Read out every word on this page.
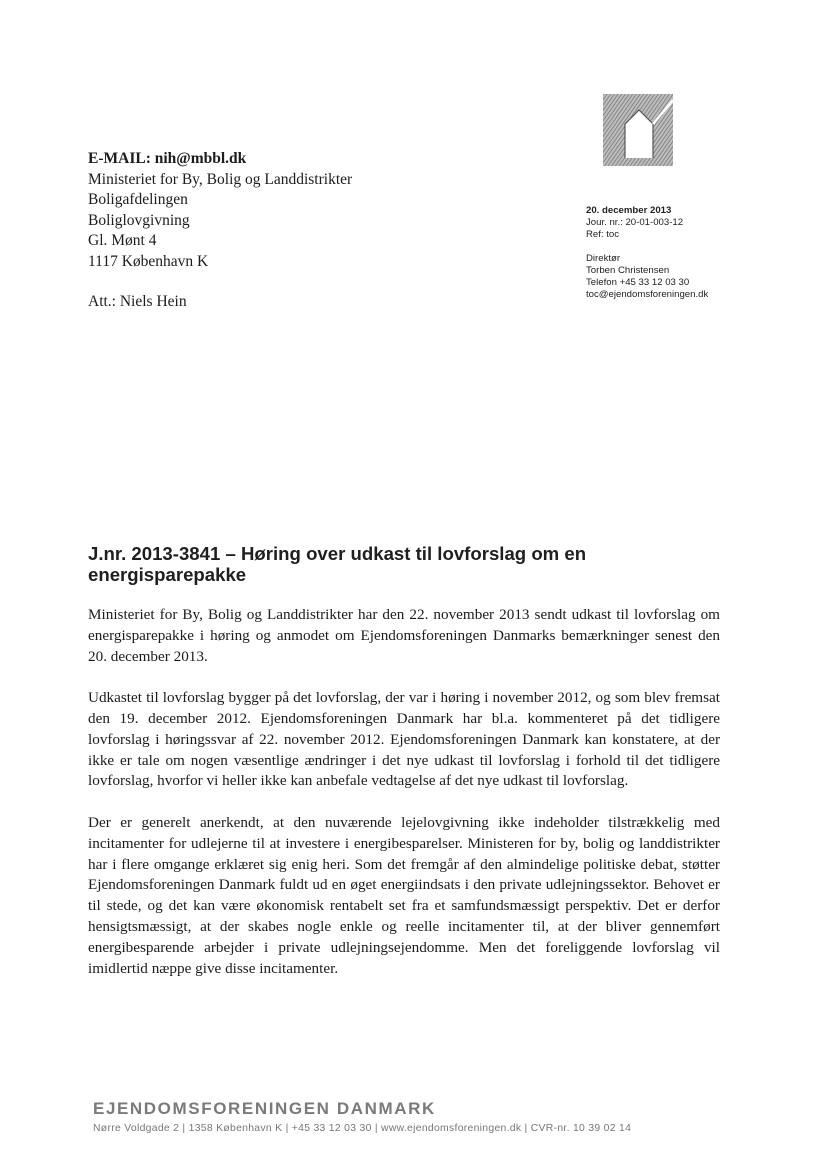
E-MAIL: nih@mbbl.dk
Ministeriet for By, Bolig og Landdistrikter
Boligafdelingen
Boliglovgivning
Gl. Mønt 4
1117 København K
Att.: Niels Hein
20. december 2013
Jour. nr.: 20-01-003-12
Ref: toc
Direktør
Torben Christensen
Telefon +45 33 12 03 30
toc@ejendomsforeningen.dk
J.nr. 2013-3841 – Høring over udkast til lovforslag om en energisparepakke

Ministeriet for By, Bolig og Landdistrikter har den 22. november 2013 sendt udkast til lovforslag om energisparepakke i høring og anmodet om Ejendomsforeningen Danmarks bemærkninger senest den 20. december 2013.

Udkastet til lovforslag bygger på det lovforslag, der var i høring i november 2012, og som blev fremsat den 19. december 2012. Ejendomsforeningen Danmark har bl.a. kommenteret på det tidligere lovforslag i høringssvar af 22. november 2012. Ejendomsforeningen Danmark kan konstatere, at der ikke er tale om nogen væsentlige ændringer i det nye udkast til lovforslag i forhold til det tidligere lovforslag, hvorfor vi heller ikke kan anbefale vedtagelse af det nye udkast til lovforslag.

Der er generelt anerkendt, at den nuværende lejelovgivning ikke indeholder tilstrækkelig med incitamenter for udlejerne til at investere i energibesparelser. Ministeren for by, bolig og landdistrikter har i flere omgange erklæret sig enig heri. Som det fremgår af den almindelige politiske debat, støtter Ejendomsforeningen Danmark fuldt ud en øget energiindsats i den private udlejningssektor. Behovet er til stede, og det kan være økonomisk rentabelt set fra et samfundsmæssigt perspektiv. Det er derfor hensigtsmæssigt, at der skabes nogle enkle og reelle incitamenter til, at der bliver gennemført energibesparende arbejder i private udlejningsejendomme. Men det foreliggende lovforslag vil imidlertid næppe give disse incitamenter.

EJENDOMSFORENINGEN DANMARK
Nørre Voldgade 2 | 1358 København K | +45 33 12 03 30 | www.ejendomsforeningen.dk | CVR-nr. 10 39 02 14
